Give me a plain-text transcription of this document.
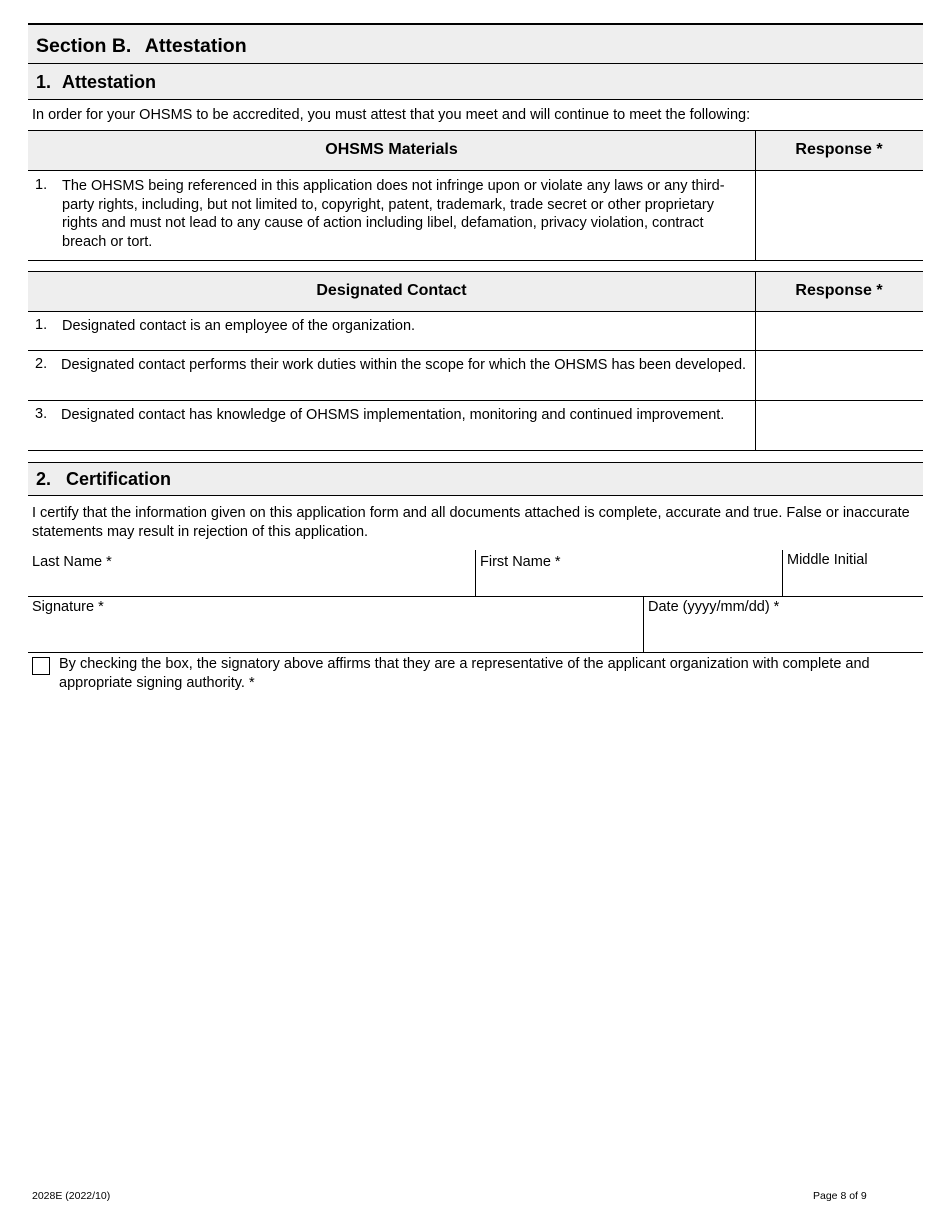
Section B. Attestation
1. Attestation
In order for your OHSMS to be accredited, you must attest that you meet and will continue to meet the following:
OHSMS Materials	Response *
1. The OHSMS being referenced in this application does not infringe upon or violate any laws or any third-party rights, including, but not limited to, copyright, patent, trademark, trade secret or other proprietary rights and must not lead to any cause of action including libel, defamation, privacy violation, contract breach or tort.
Designated Contact	Response *
1. Designated contact is an employee of the organization.
2. Designated contact performs their work duties within the scope for which the OHSMS has been developed.
3. Designated contact has knowledge of OHSMS implementation, monitoring and continued improvement.
2. Certification
I certify that the information given on this application form and all documents attached is complete, accurate and true. False or inaccurate statements may result in rejection of this application.
Last Name *	First Name *	Middle Initial
Signature *	Date (yyyy/mm/dd) *
By checking the box, the signatory above affirms that they are a representative of the applicant organization with complete and appropriate signing authority. *
2028E (2022/10)	Page 8 of 9
